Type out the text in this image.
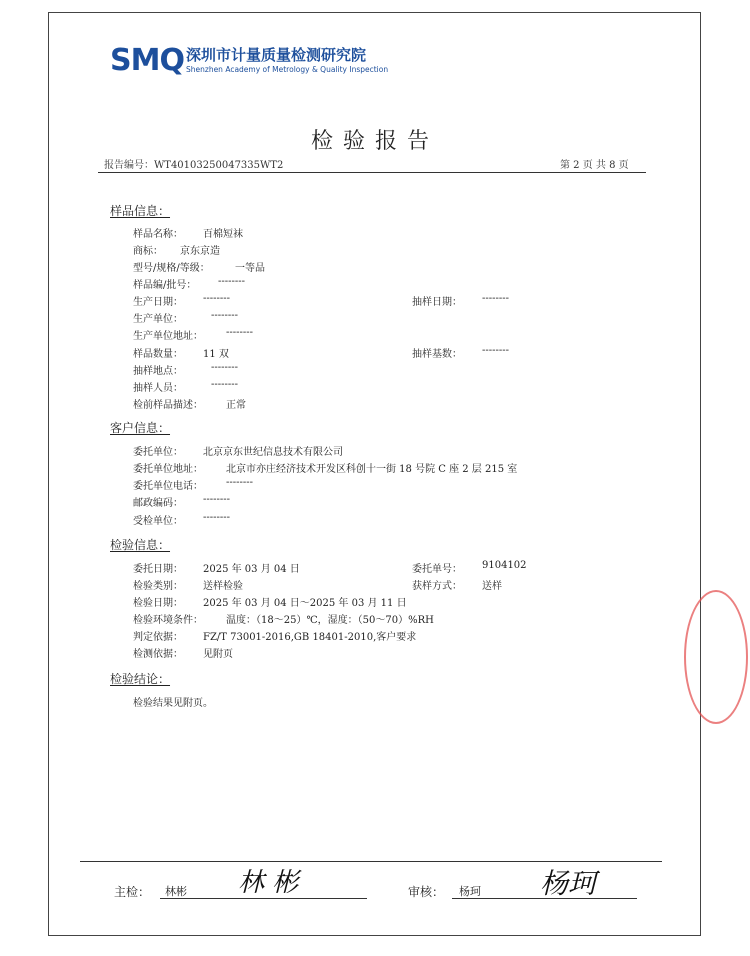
SMQ 深圳市计量质量检测研究院
Shenzhen Academy of Metrology & Quality Inspection
检验报告
报告编号：WT40103250047335WT2	第 2 页 共 8 页
样品信息：
样品名称： 百棉短袜
商标： 京东京造
型号/规格/等级：	一等品
样品编/批号： --------
生产日期： --------	抽样日期： --------
生产单位：	--------
生产单位地址： --------
样品数量： 11 双	抽样基数： --------
抽样地点：	--------
抽样人员：	--------
检前样品描述： 正常
客户信息：
委托单位： 北京京东世纪信息技术有限公司
委托单位地址： 北京市亦庄经济技术开发区科创十一街 18 号院 C 座 2 层 215 室
委托单位电话： --------
邮政编码： --------
受检单位： --------
检验信息：
委托日期： 2025 年 03 月 04 日	委托单号： 9104102
检验类别： 送样检验	获样方式： 送样
检验日期： 2025 年 03 月 04 日～2025 年 03 月 11 日
检验环境条件： 温度：（18～25）℃，湿度：（50～70）%RH
判定依据： FZ/T 73001-2016,GB 18401-2010,客户要求
检测依据： 见附页
检验结论：
检验结果见附页。
主检： 林彬 林 彬	审核： 杨珂 杨珂
